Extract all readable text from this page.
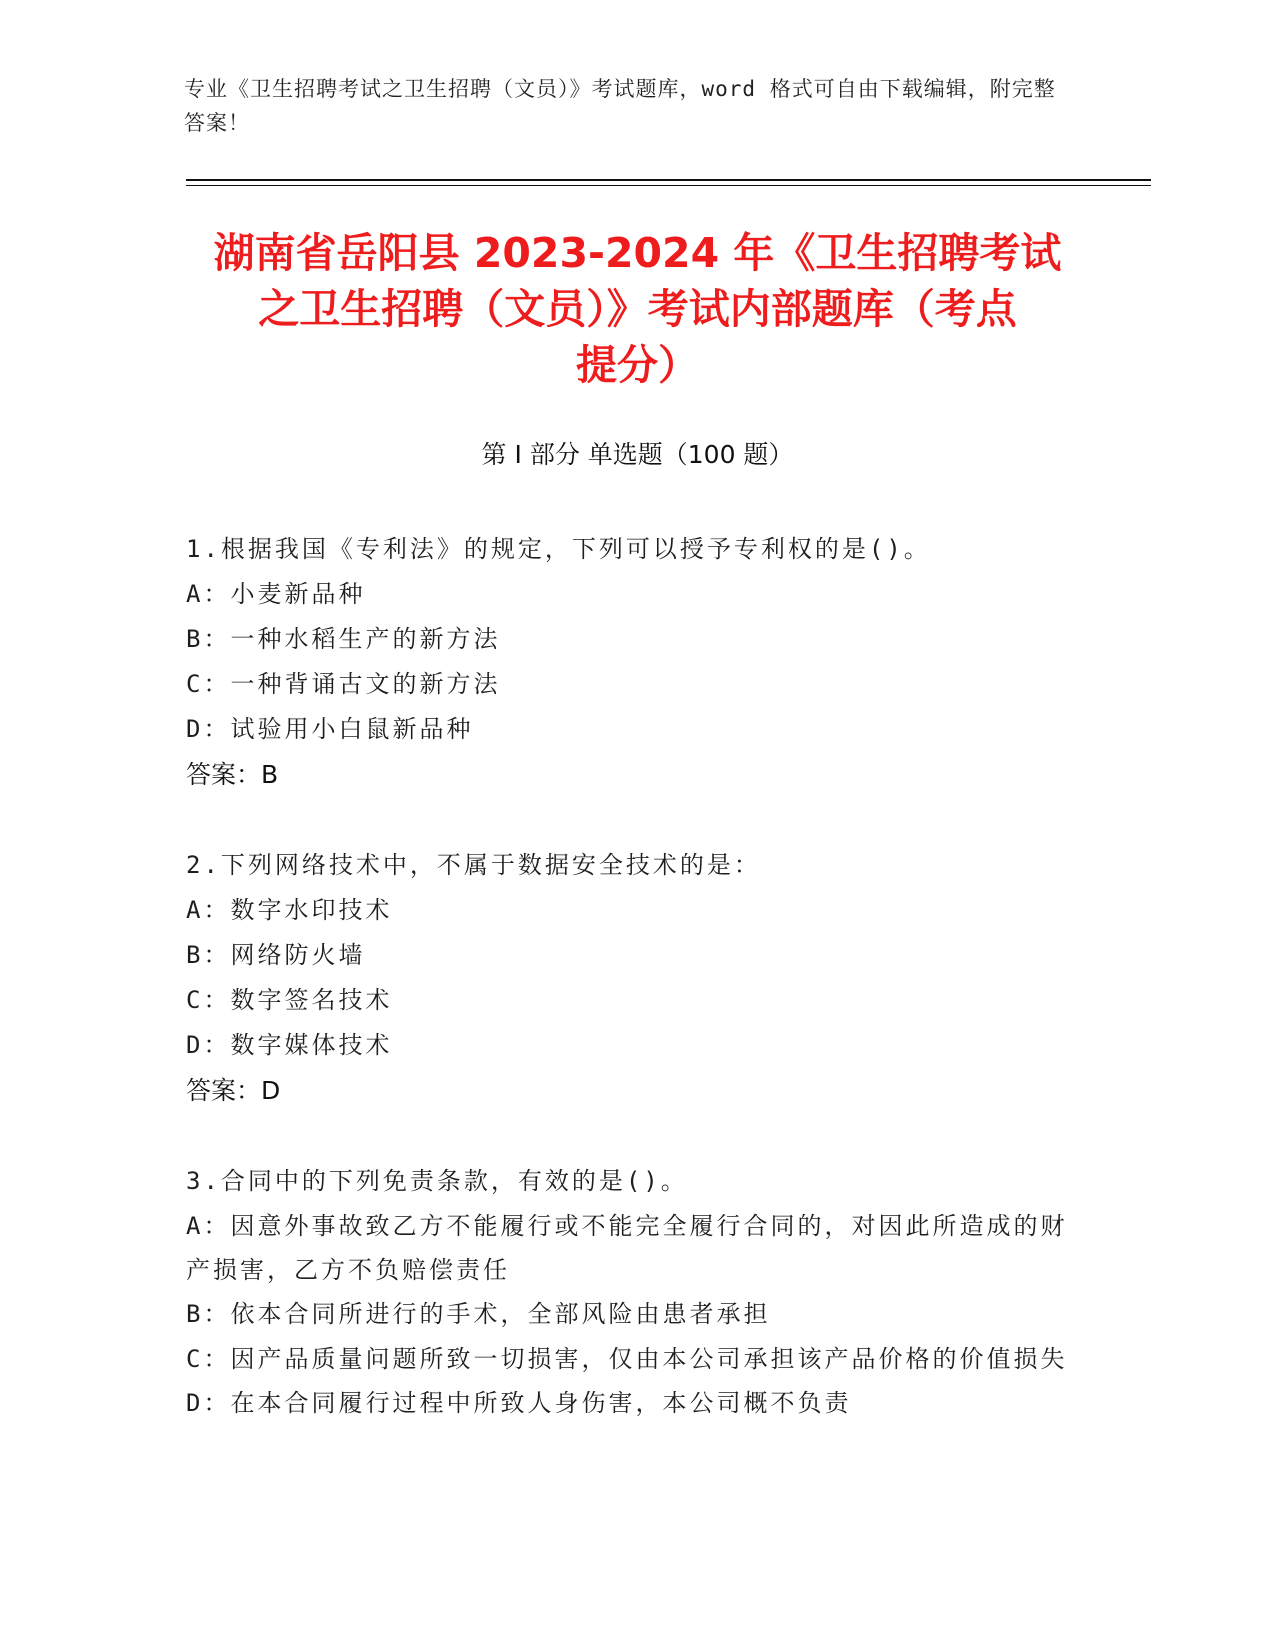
专业《卫生招聘考试之卫生招聘（文员）》考试题库，word 格式可自由下载编辑，附完整答案！
湖南省岳阳县 2023-2024 年《卫生招聘考试
之卫生招聘（文员）》考试内部题库（考点
提分）
第 I 部分 单选题（100 题）
1.根据我国《专利法》的规定，下列可以授予专利权的是()。
A：小麦新品种
B：一种水稻生产的新方法
C：一种背诵古文的新方法
D：试验用小白鼠新品种
答案：B
2.下列网络技术中，不属于数据安全技术的是：
A：数字水印技术
B：网络防火墙
C：数字签名技术
D：数字媒体技术
答案：D
3.合同中的下列免责条款，有效的是()。
A：因意外事故致乙方不能履行或不能完全履行合同的，对因此所造成的财产损害，乙方不负赔偿责任
B：依本合同所进行的手术，全部风险由患者承担
C：因产品质量问题所致一切损害，仅由本公司承担该产品价格的价值损失
D：在本合同履行过程中所致人身伤害，本公司概不负责
